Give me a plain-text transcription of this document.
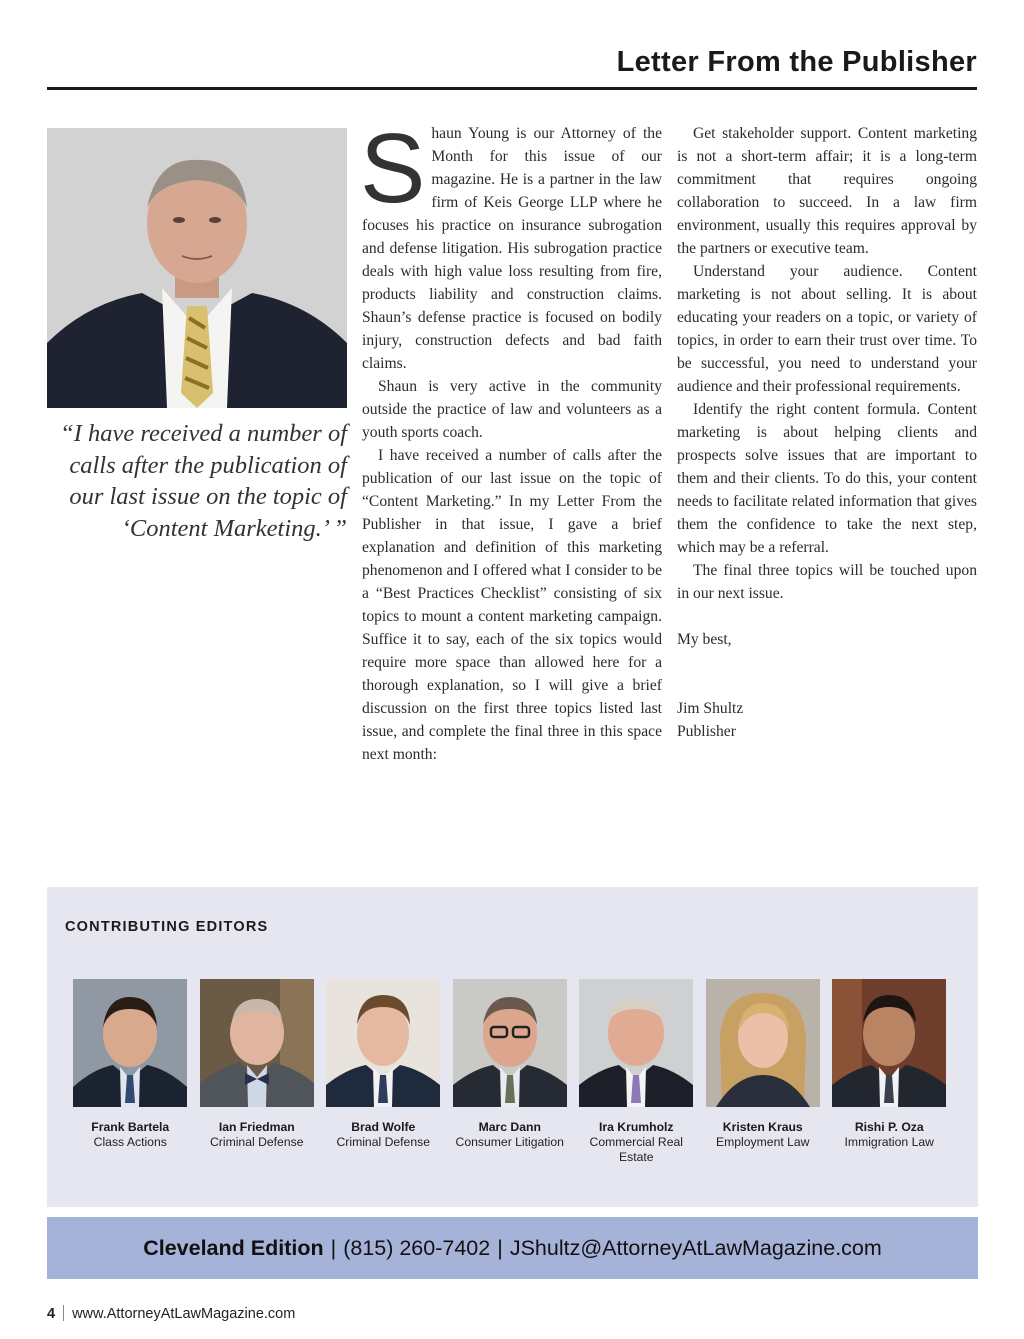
Letter From the Publisher
“I have received a number of calls after the publication of our last issue on the topic of ‘Content Marketing.’ ”

Shaun Young is our Attorney of the Month for this issue of our magazine. He is a partner in the law firm of Keis George LLP where he focuses his practice on insurance subrogation and defense litigation. His subrogation practice deals with high value loss resulting from fire, products liability and construction claims. Shaun’s defense practice is focused on bodily injury, construction defects and bad faith claims.

Shaun is very active in the community outside the practice of law and volunteers as a youth sports coach.

I have received a number of calls after the publication of our last issue on the topic of “Content Marketing.” In my Letter From the Publisher in that issue, I gave a brief explanation and definition of this marketing phenomenon and I offered what I consider to be a “Best Practices Checklist” consisting of six topics to mount a content marketing campaign. Suffice it to say, each of the six topics would require more space than allowed here for a thorough explanation, so I will give a brief discussion on the first three topics listed last issue, and complete the final three in this space next month:

Get stakeholder support. Content marketing is not a short-term affair; it is a long-term commitment that requires ongoing collaboration to succeed. In a law firm environment, usually this requires approval by the partners or executive team.

Understand your audience. Content marketing is not about selling. It is about educating your readers on a topic, or variety of topics, in order to earn their trust over time. To be successful, you need to understand your audience and their professional requirements.

Identify the right content formula. Content marketing is about helping clients and prospects solve issues that are important to them and their clients. To do this, your content needs to facilitate related information that gives them the confidence to take the next step, which may be a referral.

The final three topics will be touched upon in our next issue.

My best,

Jim Shultz

Publisher

CONTRIBUTING EDITORS
Frank Bartela
Class Actions
Ian Friedman
Criminal Defense
Brad Wolfe
Criminal Defense
Marc Dann
Consumer Litigation
Ira Krumholz
Commercial Real Estate
Kristen Kraus
Employment Law
Rishi P. Oza
Immigration Law
Cleveland Edition | (815) 260-7402 | JShultz@AttorneyAtLawMagazine.com
4 www.AttorneyAtLawMagazine.com
